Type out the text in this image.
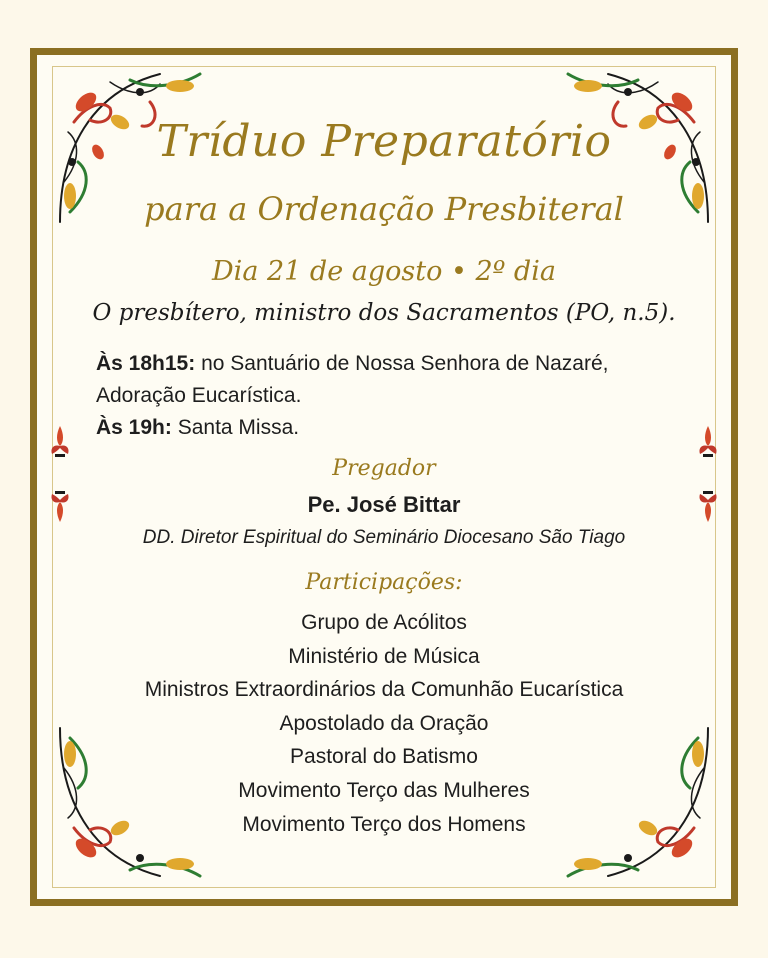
Tríduo Preparatório
para a Ordenação Presbiteral
Dia 21 de agosto • 2º dia
O presbítero, ministro dos Sacramentos (PO, n.5).
Às 18h15: no Santuário de Nossa Senhora de Nazaré,
Adoração Eucarística.
Às 19h: Santa Missa.
Pregador
Pe. José Bittar
DD. Diretor Espiritual do Seminário Diocesano São Tiago
Participações:
Grupo de Acólitos
Ministério de Música
Ministros Extraordinários da Comunhão Eucarística
Apostolado da Oração
Pastoral do Batismo
Movimento Terço das Mulheres
Movimento Terço dos Homens
